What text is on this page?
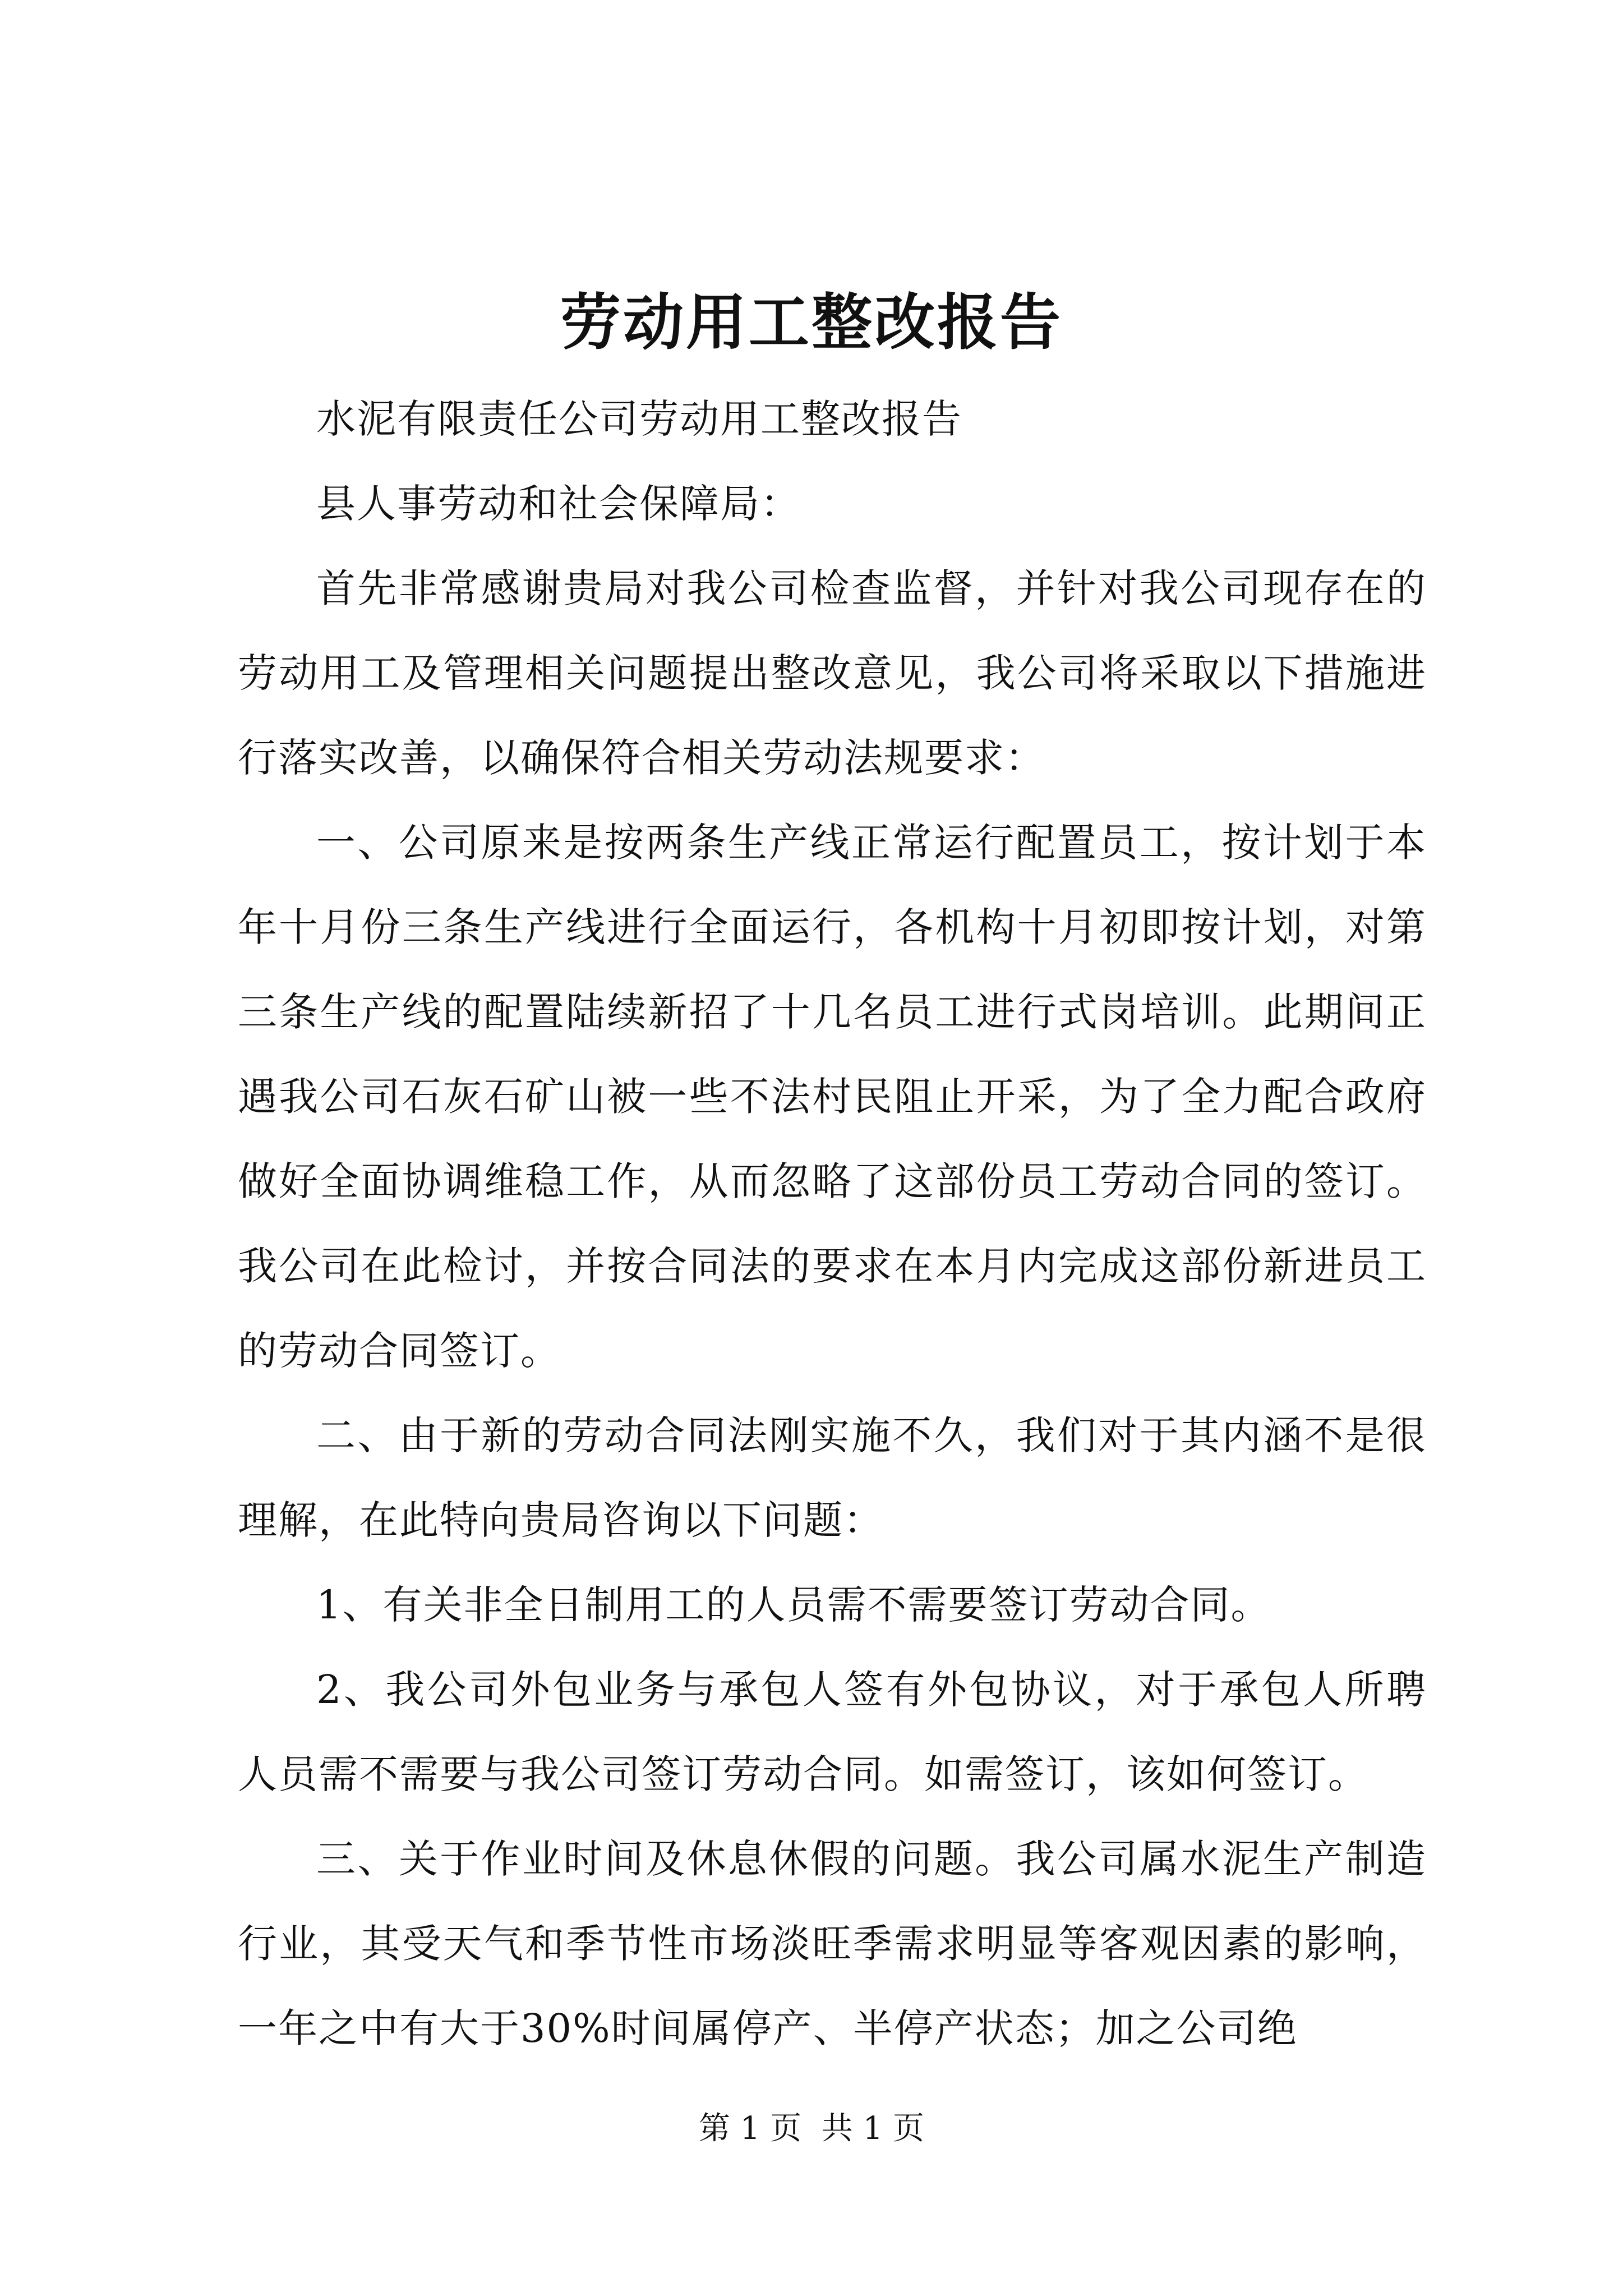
劳动用工整改报告

水泥有限责任公司劳动用工整改报告

县人事劳动和社会保障局：

首先非常感谢贵局对我公司检查监督，并针对我公司现存在的劳动用工及管理相关问题提出整改意见，我公司将采取以下措施进行落实改善，以确保符合相关劳动法规要求：

一、公司原来是按两条生产线正常运行配置员工，按计划于本年十月份三条生产线进行全面运行，各机构十月初即按计划，对第三条生产线的配置陆续新招了十几名员工进行式岗培训。此期间正遇我公司石灰石矿山被一些不法村民阻止开采，为了全力配合政府做好全面协调维稳工作，从而忽略了这部份员工劳动合同的签订。我公司在此检讨，并按合同法的要求在本月内完成这部份新进员工的劳动合同签订。

二、由于新的劳动合同法刚实施不久，我们对于其内涵不是很理解，在此特向贵局咨询以下问题：

1、有关非全日制用工的人员需不需要签订劳动合同。

2、我公司外包业务与承包人签有外包协议，对于承包人所聘人员需不需要与我公司签订劳动合同。如需签订，该如何签订。

三、关于作业时间及休息休假的问题。我公司属水泥生产制造行业，其受天气和季节性市场淡旺季需求明显等客观因素的影响，一年之中有大于30%时间属停产、半停产状态；加之公司绝

第 1 页  共 1 页
